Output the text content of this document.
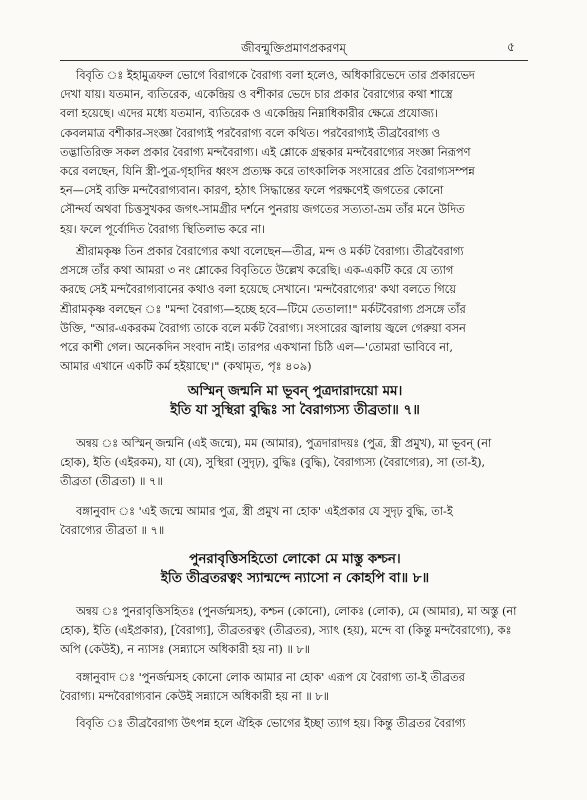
জীবন্মুক্তিপ্রমাণপ্রকরণম্	৫
বিবৃতি ঃ ইহামুত্রফল ভোগে বিরাগকে বৈরাগ্য বলা হলেও, অধিকারিভেদে তার প্রকারভেদ
দেখা যায়। যতমান, ব্যতিরেক, একেন্দ্রিয় ও বশীকার ভেদে চার প্রকার বৈরাগ্যের কথা শাস্ত্রে
বলা হয়েছে। এদের মধ্যে যতমান, ব্যতিরেক ও একেন্দ্রিয় নিম্নাধিকারীর ক্ষেত্রে প্রযোজ্য।
কেবলমাত্র বশীকার-সংজ্ঞা বৈরাগ্যই পরবৈরাগ্য বলে কথিত। পরবৈরাগ্যই তীব্রবৈরাগ্য ও
তদ্ভাতিরিক্ত সকল প্রকার বৈরাগ্য মন্দবৈরাগ্য। এই শ্লোকে গ্রন্থকার মন্দবৈরাগ্যের সংজ্ঞা নিরূপণ
করে বলছেন, যিনি স্ত্রী-পুত্র-গৃহাদির ধ্বংস প্রত্যক্ষ করে তাৎকালিক সংসারের প্রতি বৈরাগ্যসম্পন্ন
হন—সেই ব্যক্তি মন্দবৈরাগ্যবান। কারণ, হঠাৎ সিদ্ধান্তের ফলে পরক্ষণেই জগতের কোনো
সৌন্দর্য অথবা চিত্তসুখকর জগৎ-সামগ্রীর দর্শনে পুনরায় জগতের সত্যতা-ভ্রম তাঁর মনে উদিত
হয়। ফলে পূর্বোদিত বৈরাগ্য স্থিতিলাভ করে না।
শ্রীরামকৃষ্ণ তিন প্রকার বৈরাগ্যের কথা বলেছেন—তীব্র, মন্দ ও মর্কট বৈরাগ্য। তীব্রবৈরাগ্য
প্রসঙ্গে তাঁর কথা আমরা ৩ নং শ্লোকের বিবৃতিতে উল্লেখ করেছি। এক-একটি করে যে ত্যাগ
করছে সেই মন্দবৈরাগ্যবানের কথাও বলা হয়েছে সেখানে। 'মন্দবৈরাগ্যের' কথা বলতে গিয়ে
শ্রীরামকৃষ্ণ বলছেন ঃ "মন্দা বৈরাগ্য—হচ্ছে হবে—টিমে তেতালা!" মর্কটবৈরাগ্য প্রসঙ্গে তাঁর
উক্তি, "আর-একরকম বৈরাগ্য তাকে বলে মর্কট বৈরাগ্য। সংসারের জ্বালায় জ্বলে গেরুয়া বসন
পরে কাশী গেল। অনেকদিন সংবাদ নাই। তারপর একখানা চিঠি এল—'তোমরা ভাবিবে না,
আমার এখানে একটি কর্ম হইয়াছে'।" (কথামৃত, পৃঃ ৪০৯)
অস্মিন্ জন্মনি মা ভূবন্ পুত্রদারাদয়ো মম।
ইতি যা সুস্থিরা বুদ্ধিঃ সা বৈরাগ্যস্য তীব্রতা॥ ৭॥
অন্বয় ঃ অস্মিন্ জন্মনি (এই জন্মে), মম (আমার), পুত্রদারাদয়ঃ (পুত্র, স্ত্রী প্রমুখ), মা ভূবন্ (না
হোক), ইতি (এইরকম), যা (যে), সুস্থিরা (সুদৃঢ়), বুদ্ধিঃ (বুদ্ধি), বৈরাগ্যস্য (বৈরাগ্যের), সা (তা-ই),
তীব্রতা (তীব্রতা) ॥ ৭॥
বঙ্গানুবাদ ঃ 'এই জন্মে আমার পুত্র, স্ত্রী প্রমুখ না হোক' এইপ্রকার যে সুদৃঢ় বুদ্ধি, তা-ই
বৈরাগ্যের তীব্রতা ॥ ৭॥
পুনরাবৃত্তিসহিতো লোকো মে মাস্তু কশ্চন।
ইতি তীব্রতরত্বং স্যান্মন্দে ন্যাসো ন কোহপি বা॥ ৮॥
অন্বয় ঃ পুনরাবৃত্তিসহিতঃ (পুনর্জন্মসহ), কশ্চন (কোনো), লোকঃ (লোক), মে (আমার), মা অস্তু (না
হোক), ইতি (এইপ্রকার), [বৈরাগ্য], তীব্রতরত্বং (তীব্রতর), স্যাৎ (হয়), মন্দে বা (কিন্তু মন্দবৈরাগ্যে), কঃ
অপি (কেউই), ন ন্যাসঃ (সন্ন্যাসে অধিকারী হয় না) ॥ ৮॥
বঙ্গানুবাদ ঃ 'পুনর্জন্মসহ কোনো লোক আমার না হোক' এরূপ যে বৈরাগ্য তা-ই তীব্রতর
বৈরাগ্য। মন্দবৈরাগ্যবান কেউই সন্ন্যাসে অধিকারী হয় না ॥ ৮॥
বিবৃতি ঃ তীব্রবৈরাগ্য উৎপন্ন হলে ঐহিক ভোগের ইচ্ছা ত্যাগ হয়। কিন্তু তীব্রতর বৈরাগ্য
